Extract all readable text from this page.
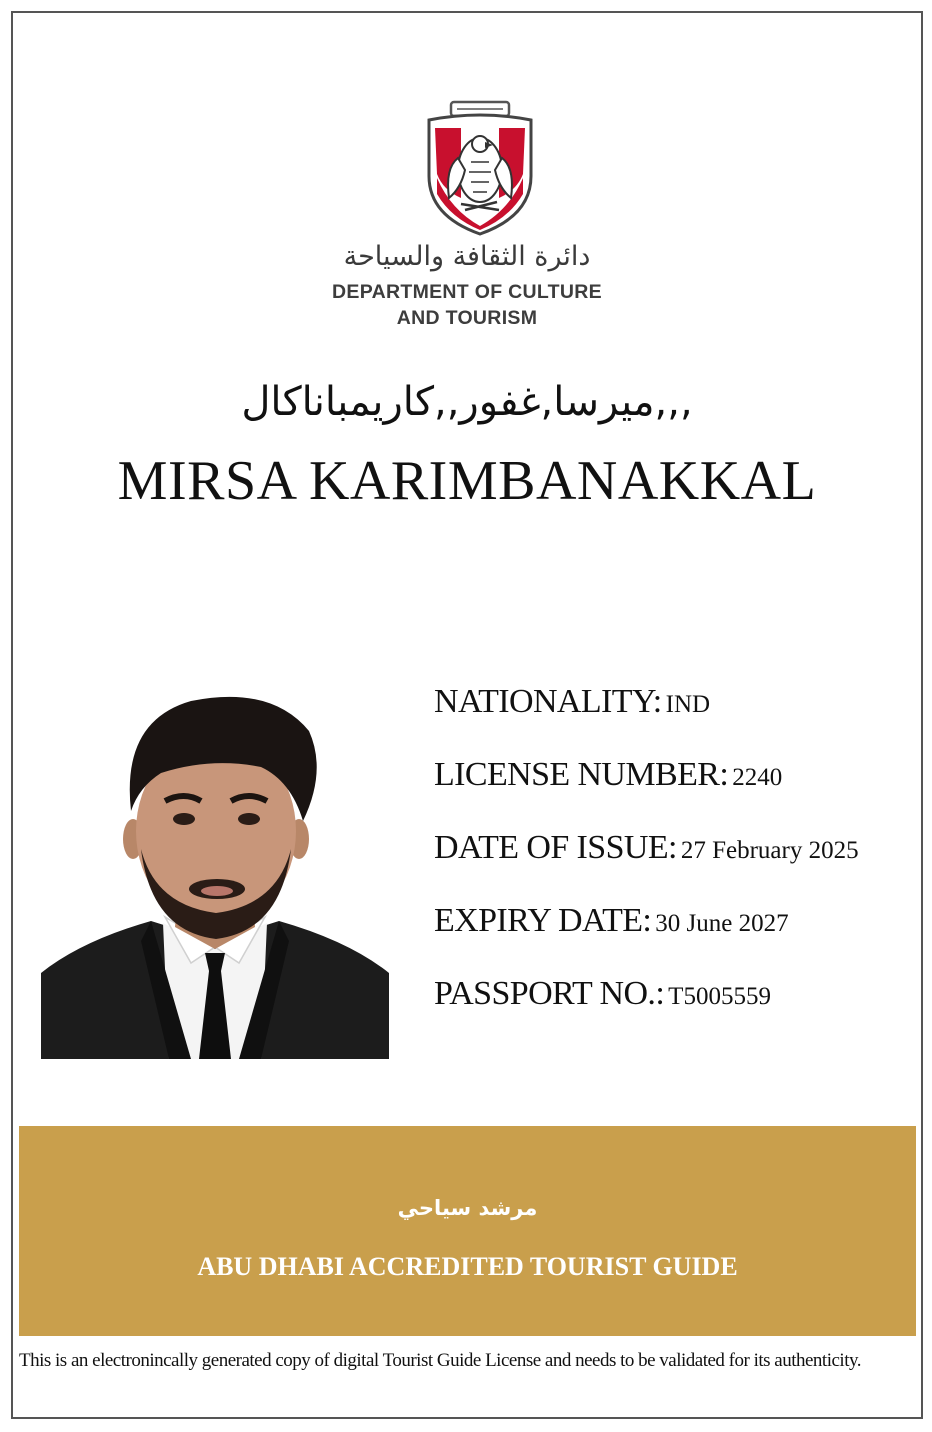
دائرة الثقافة والسياحة
DEPARTMENT OF CULTURE
AND TOURISM
,,,ميرسا,غفور,,كاريمباناكال
MIRSA KARIMBANAKKAL
NATIONALITY: IND
LICENSE NUMBER: 2240
DATE OF ISSUE: 27 February 2025
EXPIRY DATE: 30 June 2027
PASSPORT NO.: T5005559
مرشد سياحي
ABU DHABI ACCREDITED TOURIST GUIDE
This is an electronincally generated copy of digital Tourist Guide License and needs to be validated for its authenticity.
